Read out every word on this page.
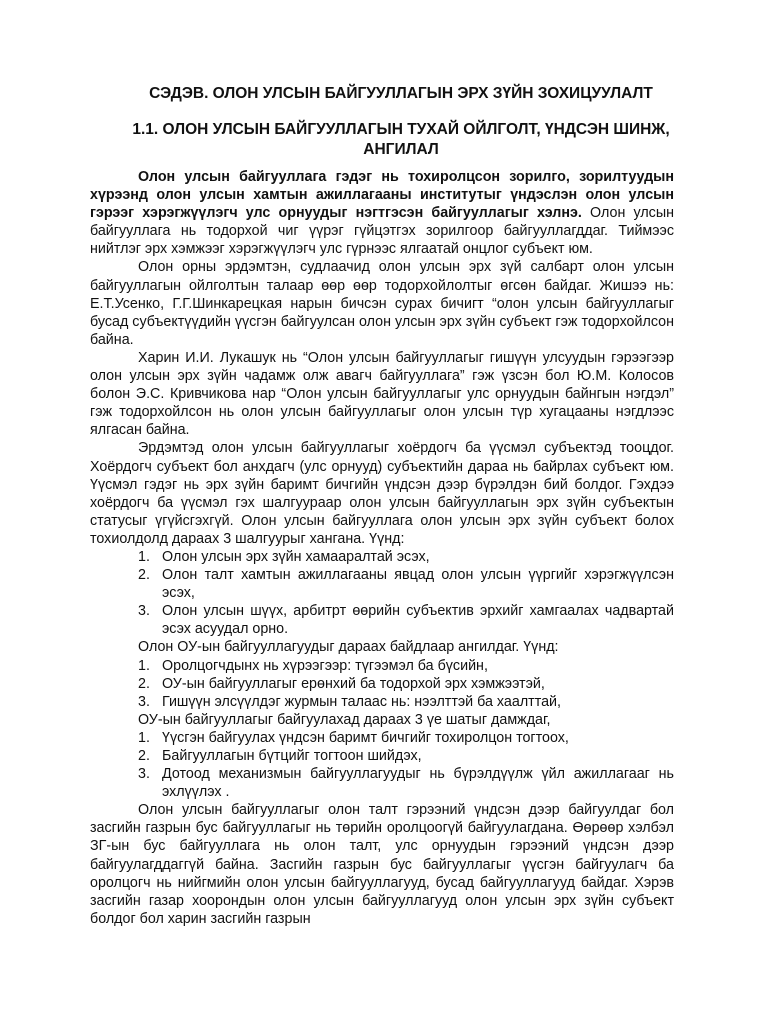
СЭДЭВ. ОЛОН УЛСЫН БАЙГУУЛЛАГЫН ЭРХ ЗҮЙН ЗОХИЦУУЛАЛТ
1.1. ОЛОН УЛСЫН БАЙГУУЛЛАГЫН ТУХАЙ ОЙЛГОЛТ, ҮНДСЭН ШИНЖ, АНГИЛАЛ

Олон улсын байгууллага гэдэг нь тохиролцсон зорилго, зорилтуудын хүрээнд олон улсын хамтын ажиллагааны институтыг үндэслэн олон улсын гэрээг хэрэгжүүлэгч улс орнуудыг нэгтгэсэн байгууллагыг хэлнэ. Олон улсын байгууллага нь тодорхой чиг үүрэг гүйцэтгэх зорилгоор байгууллагддаг. Тиймээс нийтлэг эрх хэмжээг хэрэгжүүлэгч улс гүрнээс ялгаатай онцлог субъект юм.

Олон орны эрдэмтэн, судлаачид олон улсын эрх зүй салбарт олон улсын байгууллагын ойлголтын талаар өөр өөр тодорхойлолтыг өгсөн байдаг. Жишээ нь: Е.Т.Усенко, Г.Г.Шинкарецкая нарын бичсэн сурах бичигт “олон улсын байгууллагыг бусад субъектүүдийн үүсгэн байгуулсан олон улсын эрх зүйн субъект гэж тодорхойлсон байна.

Харин И.И. Лукашук нь “Олон улсын байгууллагыг гишүүн улсуудын гэрээгээр олон улсын эрх зүйн чадамж олж авагч байгууллага” гэж үзсэн бол Ю.М. Колосов болон Э.С. Кривчикова нар “Олон улсын байгууллагыг улс орнуудын байнгын нэгдэл” гэж тодорхойлсон нь олон улсын байгууллагыг олон улсын түр хугацааны нэгдлээс ялгасан байна.

Эрдэмтэд олон улсын байгууллагыг хоёрдогч ба үүсмэл субъектэд тооцдог. Хоёрдогч субъект бол анхдагч (улс орнууд) субъектийн дараа нь байрлах субъект юм. Үүсмэл гэдэг нь эрх зүйн баримт бичгийн үндсэн дээр бүрэлдэн бий болдог. Гэхдээ хоёрдогч ба үүсмэл гэх шалгуураар олон улсын байгууллагын эрх зүйн субъектын статусыг үгүйсгэхгүй. Олон улсын байгууллага олон улсын эрх зүйн субъект болох тохиолдолд дараах 3 шалгуурыг хангана. Үүнд:

1. Олон улсын эрх зүйн хамааралтай эсэх,
2. Олон талт хамтын ажиллагааны явцад олон улсын үүргийг хэрэгжүүлсэн эсэх,
3. Олон улсын шүүх, арбитрт өөрийн субъектив эрхийг хамгаалах чадвартай эсэх асуудал орно.

Олон ОУ-ын байгууллагуудыг дараах байдлаар ангилдаг. Үүнд:

1. Оролцогчдынх нь хүрээгээр: түгээмэл ба бүсийн,
2. ОУ-ын байгууллагыг ерөнхий ба тодорхой эрх хэмжээтэй,
3. Гишүүн элсүүлдэг журмын талаас нь: нээлттэй ба хаалттай,

ОУ-ын байгууллагыг байгуулахад дараах 3 үе шатыг дамждаг,

1. Үүсгэн байгуулах үндсэн баримт бичгийг тохиролцон тогтоох,
2. Байгууллагын бүтцийг тогтоон шийдэх,
3. Дотоод механизмын байгууллагуудыг нь бүрэлдүүлж үйл ажиллагааг нь эхлүүлэх .

Олон улсын байгууллагыг олон талт гэрээний үндсэн дээр байгуулдаг бол засгийн газрын бус байгууллагыг нь төрийн оролцоогүй байгуулагдана. Өөрөөр хэлбэл ЗГ-ын бус байгууллага нь олон талт, улс орнуудын гэрээний үндсэн дээр байгуулагддаггүй байна. Засгийн газрын бус байгууллагыг үүсгэн байгуулагч ба оролцогч нь нийгмийн олон улсын байгууллагууд, бусад байгууллагууд байдаг. Хэрэв засгийн газар хоорондын олон улсын байгууллагууд олон улсын эрх зүйн субъект болдог бол харин засгийн газрын
